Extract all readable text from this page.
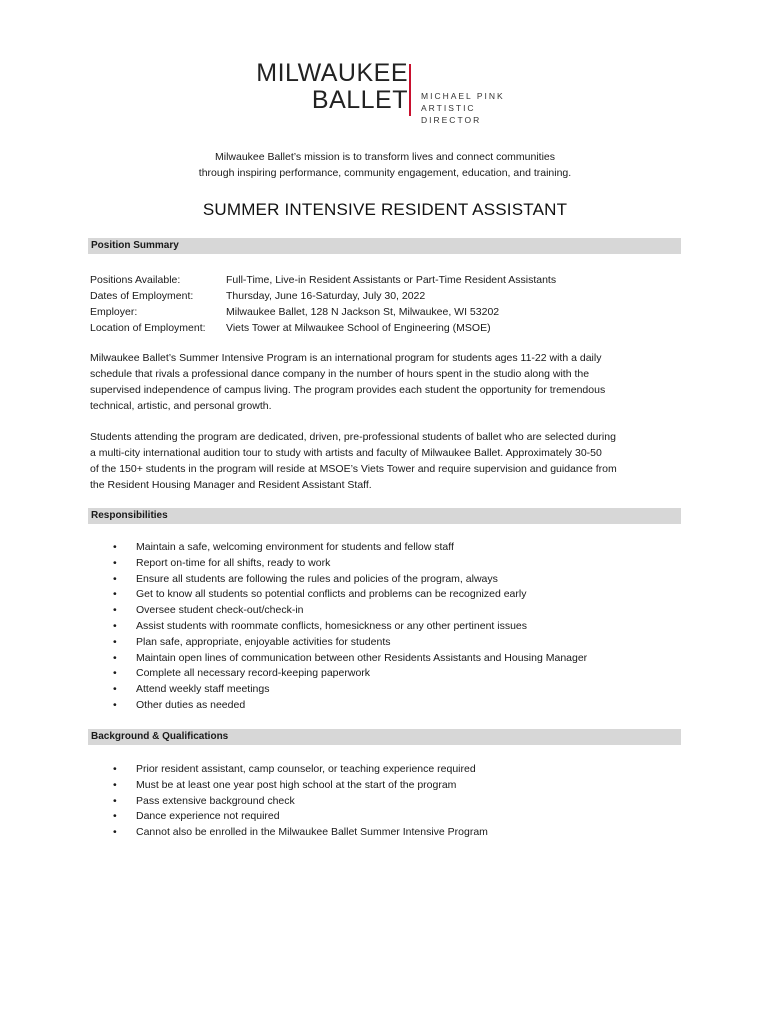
MILWAUKEE
BALLET MICHAEL PINK
ARTISTIC DIRECTOR
Milwaukee Ballet’s mission is to transform lives and connect communities
through inspiring performance, community engagement, education, and training.
SUMMER INTENSIVE RESIDENT ASSISTANT
Position Summary
Positions Available:	Full-Time, Live-in Resident Assistants or Part-Time Resident Assistants
Dates of Employment:	Thursday, June 16-Saturday, July 30, 2022
Employer:	Milwaukee Ballet, 128 N Jackson St, Milwaukee, WI 53202
Location of Employment:	Viets Tower at Milwaukee School of Engineering (MSOE)
Milwaukee Ballet’s Summer Intensive Program is an international program for students ages 11-22 with a daily
schedule that rivals a professional dance company in the number of hours spent in the studio along with the
supervised independence of campus living. The program provides each student the opportunity for tremendous
technical, artistic, and personal growth.
Students attending the program are dedicated, driven, pre-professional students of ballet who are selected during
a multi-city international audition tour to study with artists and faculty of Milwaukee Ballet. Approximately 30-50
of the 150+ students in the program will reside at MSOE’s Viets Tower and require supervision and guidance from
the Resident Housing Manager and Resident Assistant Staff.
Responsibilities
• Maintain a safe, welcoming environment for students and fellow staff
• Report on-time for all shifts, ready to work
• Ensure all students are following the rules and policies of the program, always
• Get to know all students so potential conflicts and problems can be recognized early
• Oversee student check-out/check-in
• Assist students with roommate conflicts, homesickness or any other pertinent issues
• Plan safe, appropriate, enjoyable activities for students
• Maintain open lines of communication between other Residents Assistants and Housing Manager
• Complete all necessary record-keeping paperwork
• Attend weekly staff meetings
• Other duties as needed
Background & Qualifications
• Prior resident assistant, camp counselor, or teaching experience required
• Must be at least one year post high school at the start of the program
• Pass extensive background check
• Dance experience not required
• Cannot also be enrolled in the Milwaukee Ballet Summer Intensive Program
